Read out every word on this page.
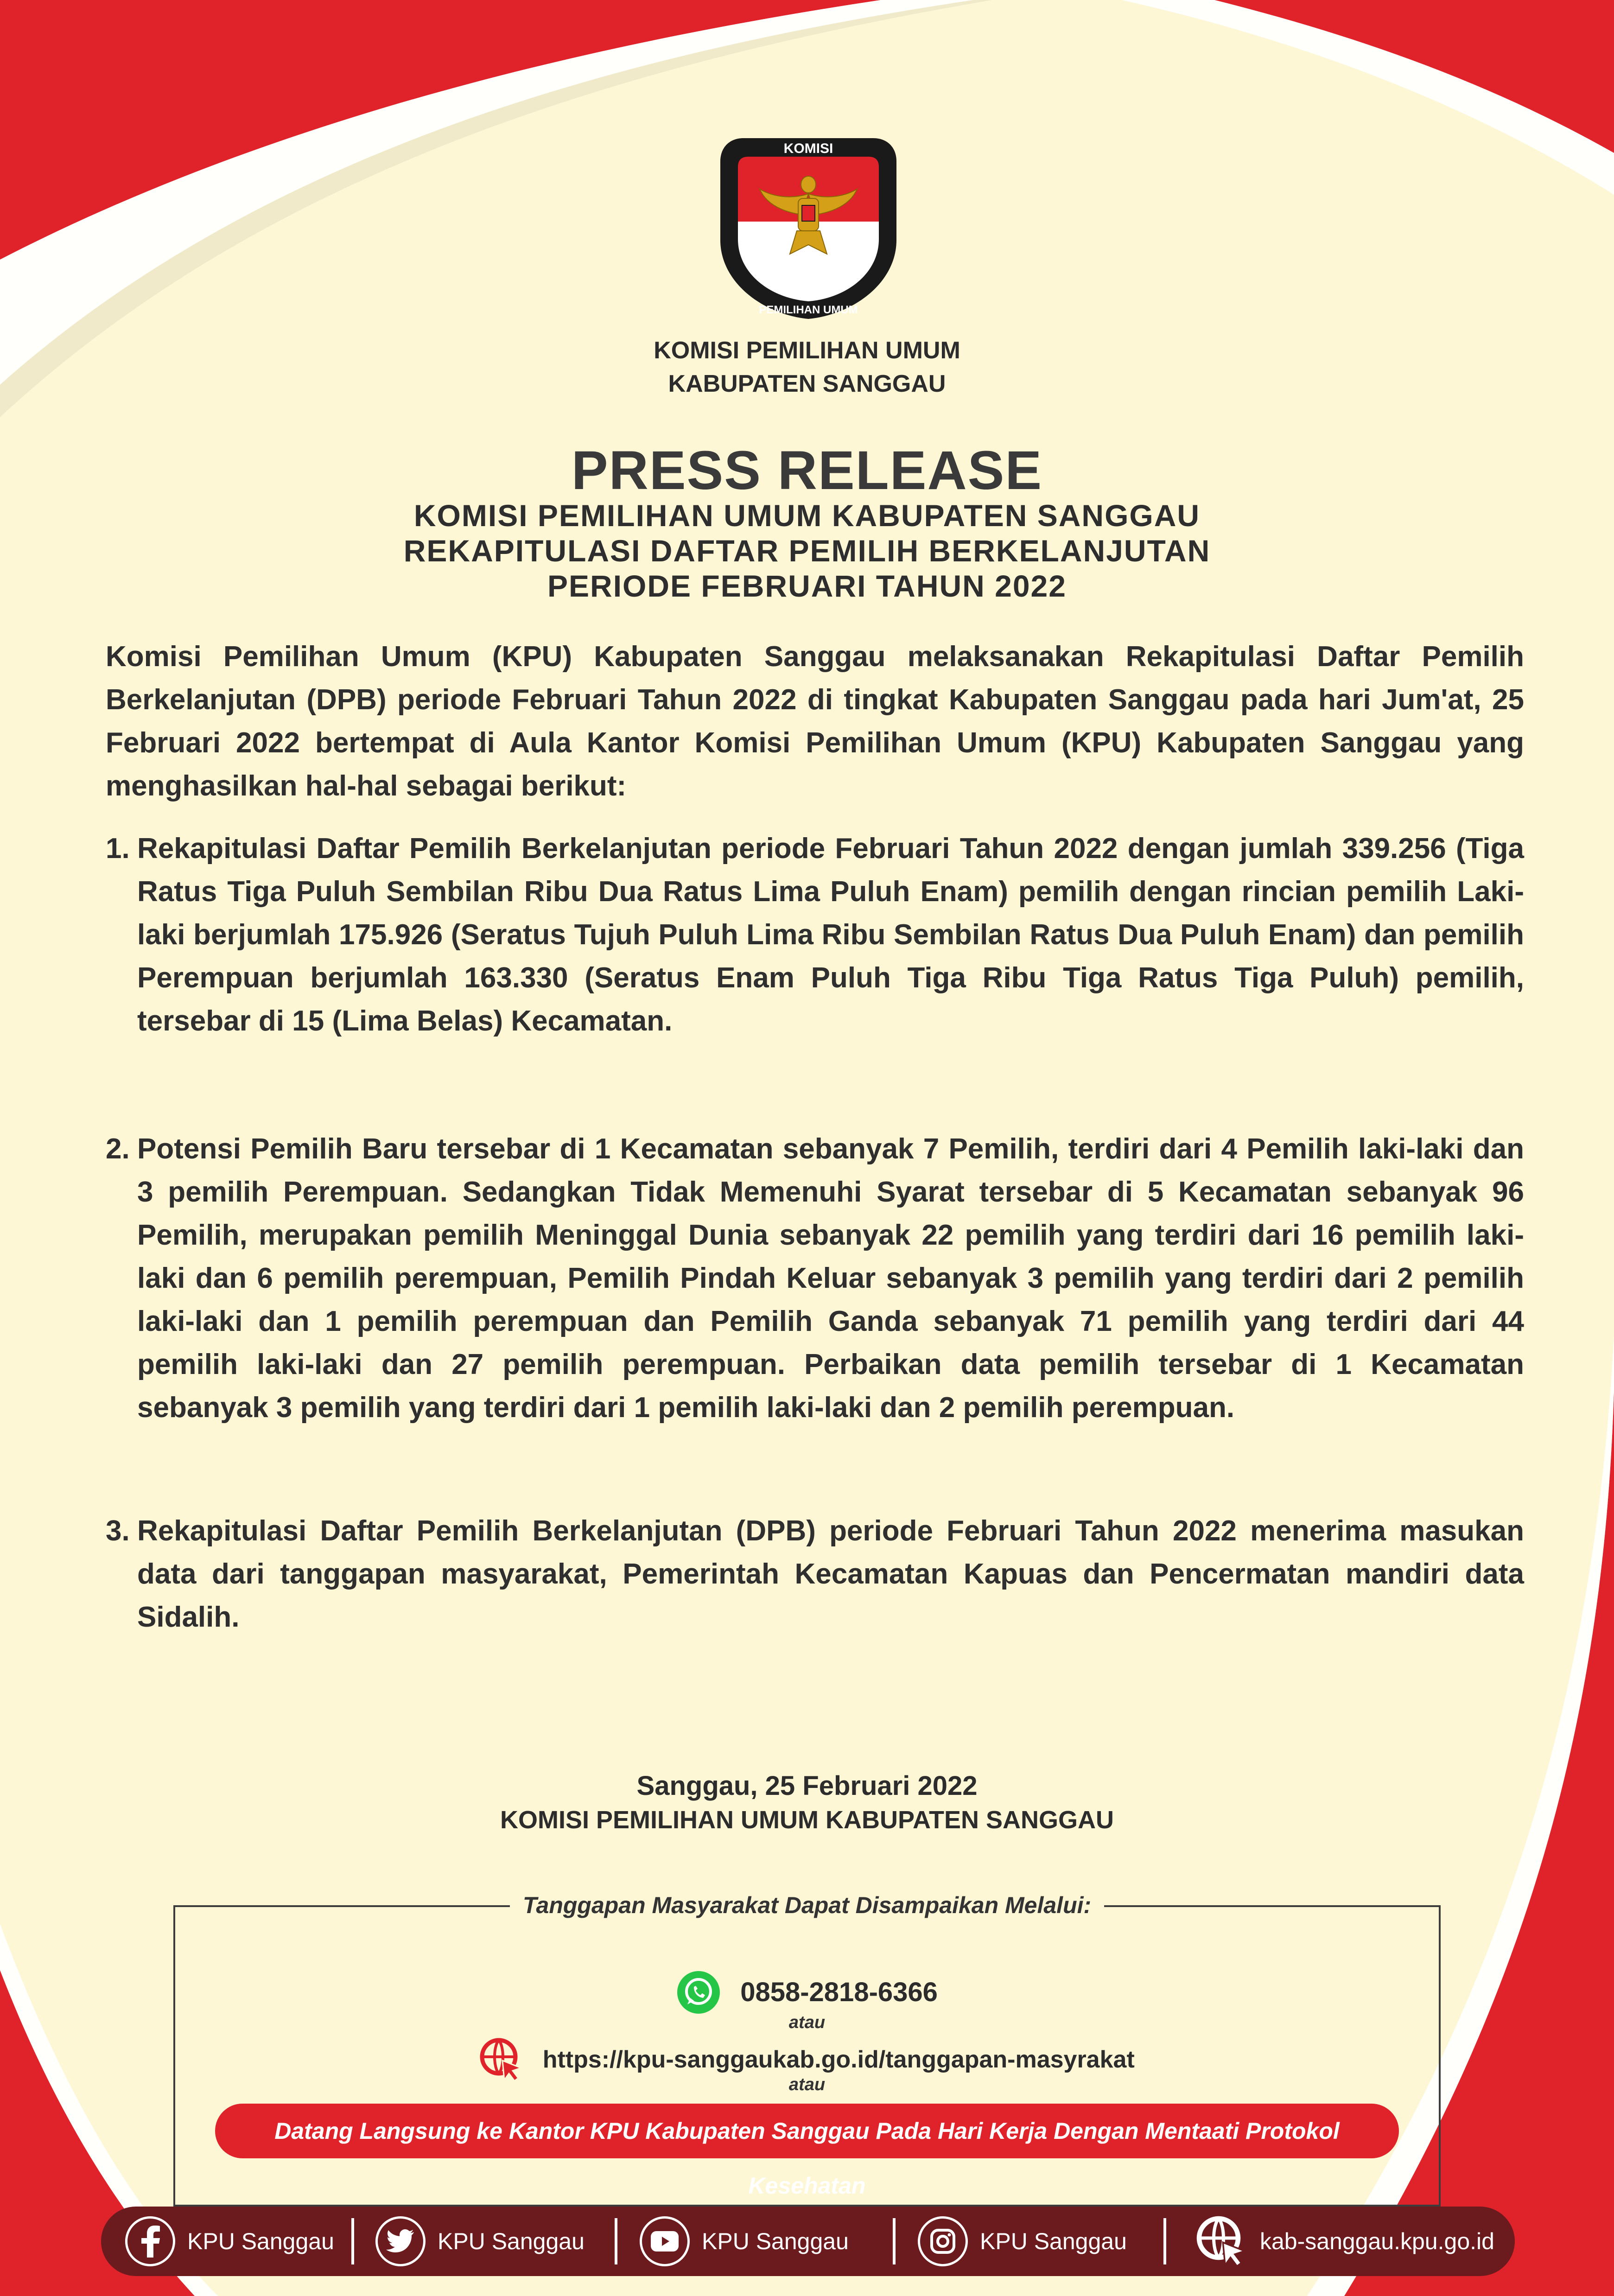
KOMISI
PEMILIHAN UMUM
KOMISI PEMILIHAN UMUM
KABUPATEN SANGGAU
PRESS RELEASE
KOMISI PEMILIHAN UMUM KABUPATEN SANGGAU
REKAPITULASI DAFTAR PEMILIH BERKELANJUTAN
PERIODE FEBRUARI TAHUN 2022
Komisi Pemilihan Umum (KPU) Kabupaten Sanggau melaksanakan Rekapitulasi Daftar Pemilih Berkelanjutan (DPB) periode Februari Tahun 2022 di tingkat Kabupaten Sanggau pada hari Jum'at, 25 Februari 2022 bertempat di Aula Kantor Komisi Pemilihan Umum (KPU) Kabupaten Sanggau yang menghasilkan hal-hal sebagai berikut:
1. Rekapitulasi Daftar Pemilih Berkelanjutan periode Februari Tahun 2022 dengan jumlah 339.256 (Tiga Ratus Tiga Puluh Sembilan Ribu Dua Ratus Lima Puluh Enam) pemilih dengan rincian pemilih Laki-laki berjumlah 175.926 (Seratus Tujuh Puluh Lima Ribu Sembilan Ratus Dua Puluh Enam) dan pemilih Perempuan berjumlah 163.330 (Seratus Enam Puluh Tiga Ribu Tiga Ratus Tiga Puluh) pemilih, tersebar di 15 (Lima Belas) Kecamatan.
2. Potensi Pemilih Baru tersebar di 1 Kecamatan sebanyak 7 Pemilih, terdiri dari 4 Pemilih laki-laki dan 3 pemilih Perempuan. Sedangkan Tidak Memenuhi Syarat tersebar di 5 Kecamatan sebanyak 96 Pemilih, merupakan pemilih Meninggal Dunia sebanyak 22 pemilih yang terdiri dari 16 pemilih laki-laki dan 6 pemilih perempuan, Pemilih Pindah Keluar sebanyak 3 pemilih yang terdiri dari 2 pemilih laki-laki dan 1 pemilih perempuan dan Pemilih Ganda sebanyak 71 pemilih yang terdiri dari 44 pemilih laki-laki dan 27 pemilih perempuan. Perbaikan data pemilih tersebar di 1 Kecamatan sebanyak 3 pemilih yang terdiri dari 1 pemilih laki-laki dan 2 pemilih perempuan.
3. Rekapitulasi Daftar Pemilih Berkelanjutan (DPB) periode Februari Tahun 2022 menerima masukan data dari tanggapan masyarakat, Pemerintah Kecamatan Kapuas dan Pencermatan mandiri data Sidalih.
Sanggau, 25 Februari 2022
KOMISI PEMILIHAN UMUM KABUPATEN SANGGAU
Tanggapan Masyarakat Dapat Disampaikan Melalui:
0858-2818-6366
atau
https://kpu-sanggaukab.go.id/tanggapan-masyrakat
atau
Datang Langsung ke Kantor KPU Kabupaten Sanggau Pada Hari Kerja Dengan Mentaati Protokol Kesehatan
KPU Sanggau	KPU Sanggau	KPU Sanggau	KPU Sanggau	kab-sanggau.kpu.go.id
